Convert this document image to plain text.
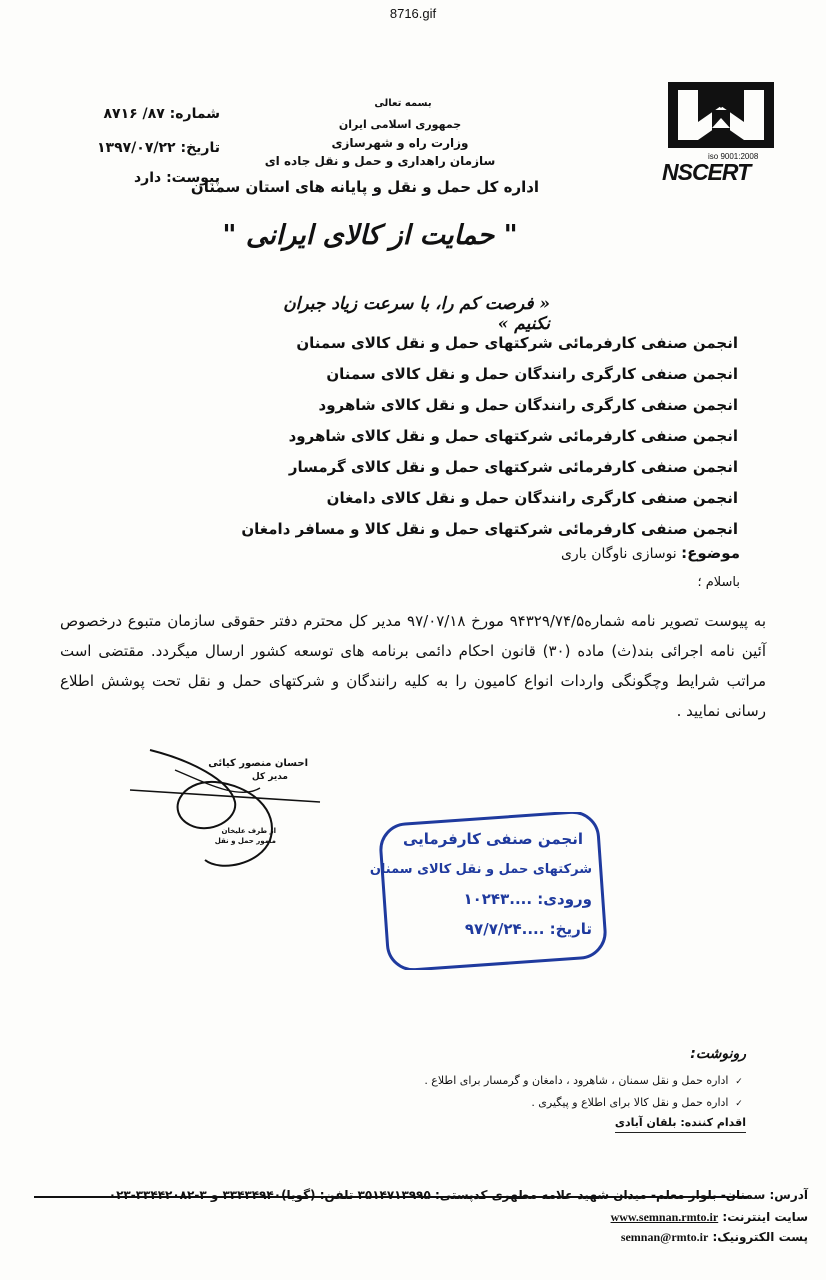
8716.gif
iso 9001:2008
NSCERT
بسمه تعالی
جمهوری اسلامی ایران
وزارت راه و شهرسازی
سازمان راهداری و حمل و نقل جاده ای
اداره کل حمل و نقل و پایانه های استان سمنان
شماره: ۸۷/ ۸۷۱۶
تاریخ: ۱۳۹۷/۰۷/۲۲
پیوست: دارد
" حمایت از کالای ایرانی "
« فرصت کم را، با سرعت زیاد جبران نکنیم »
انجمن صنفی کارفرمائی شرکتهای حمل و نقل کالای سمنان
انجمن صنفی کارگری رانندگان حمل و نقل کالای سمنان
انجمن صنفی کارگری رانندگان حمل و نقل کالای شاهرود
انجمن صنفی کارفرمائی شرکتهای حمل و نقل کالای شاهرود
انجمن صنفی کارفرمائی شرکتهای حمل و نقل کالای گرمسار
انجمن صنفی کارگری رانندگان حمل و نقل کالای دامغان
انجمن صنفی کارفرمائی شرکتهای حمل و نقل کالا و مسافر دامغان
موضوع: نوسازی ناوگان باری
باسلام ؛
به پیوست تصویر نامه شماره۹۴۳۲۹/۷۴/۵ مورخ ۹۷/۰۷/۱۸ مدیر کل محترم دفتر حقوقی سازمان متبوع درخصوص آئین نامه اجرائی بند(ث) ماده (۳۰) قانون احکام دائمی برنامه های توسعه کشور ارسال میگردد. مقتضی است مراتب شرایط وچگونگی واردات انواع کامیون را به کلیه رانندگان و شرکتهای حمل و نقل تحت پوشش اطلاع رسانی نمایید .
احسان منصور کیائی
مدیر کل
از طرف علیخان
مامور حمل و نقل	انجمن صنفی کارفرمایی
شرکتهای حمل و نقل کالای سمنان
ورودی: ....۱۰۲۴۳
تاریخ: ....۹۷/۷/۲۴
رونوشت:
✓ اداره حمل و نقل سمنان ، شاهرود ، دامغان و گرمسار برای اطلاع .
✓ اداره حمل و نقل کالا برای اطلاع و پیگیری .
اقدام کننده: بلقان آبادی
آدرس: سمنان- بلوار معلم- میدان شهید علامه مطهری کدپستی: ۳۵۱۴۷۱۳۹۹۵ تلفن: (گویا)۳۳۴۳۴۹۴۰ و ۳-۳۳۴۴۲۰۸۲-۰۲۳
سایت اینترنت: www.semnan.rmto.ir
پست الکترونیک: semnan@rmto.ir
